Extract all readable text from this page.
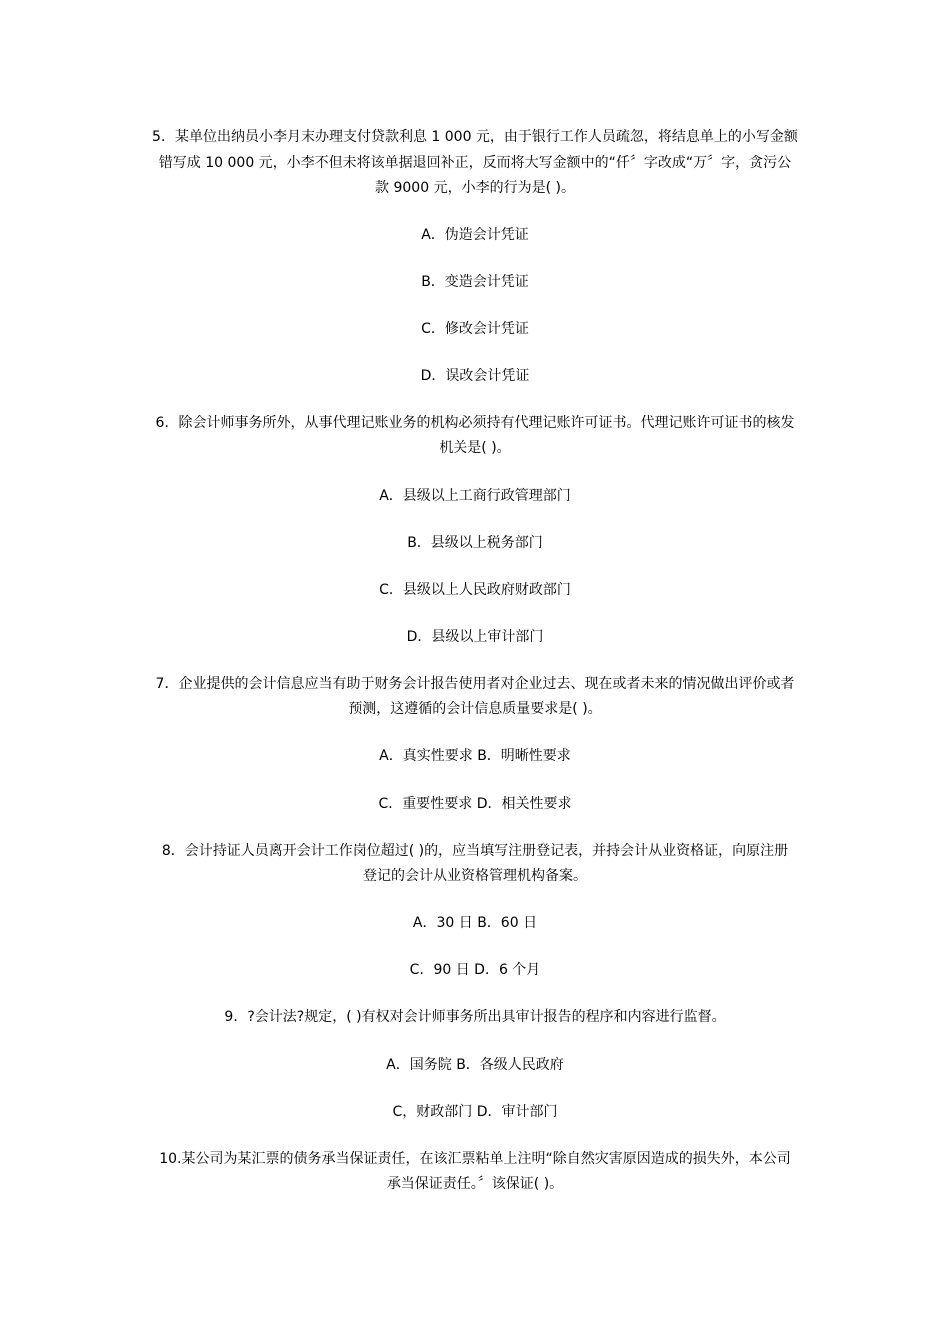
5．某单位出纳员小李月末办理支付贷款利息 1 000 元，由于银行工作人员疏忽，将结息单上的小写金额
错写成 10 000 元，小李不但未将该单据退回补正，反而将大写金额中的“仟〞字改成“万〞字，贪污公
款 9000 元，小李的行为是( )。
A．伪造会计凭证
B．变造会计凭证
C．修改会计凭证
D．误改会计凭证
6．除会计师事务所外，从事代理记账业务的机构必须持有代理记账许可证书。代理记账许可证书的核发
机关是( )。
A．县级以上工商行政管理部门
B．县级以上税务部门
C．县级以上人民政府财政部门
D．县级以上审计部门
7．企业提供的会计信息应当有助于财务会计报告使用者对企业过去、现在或者未来的情况做出评价或者
预测，这遵循的会计信息质量要求是( )。
A．真实性要求 B．明晰性要求
C．重要性要求 D．相关性要求
8．会计持证人员离开会计工作岗位超过( )的，应当填写注册登记表，并持会计从业资格证，向原注册
登记的会计从业资格管理机构备案。
A．30 日 B．60 日
C．90 日 D．6 个月
9．?会计法?规定，( )有权对会计师事务所出具审计报告的程序和内容进行监督。
A．国务院 B．各级人民政府
C，财政部门 D．审计部门
10.某公司为某汇票的债务承当保证责任，在该汇票粘单上注明“除自然灾害原因造成的损失外，本公司
承当保证责任。〞该保证( )。
